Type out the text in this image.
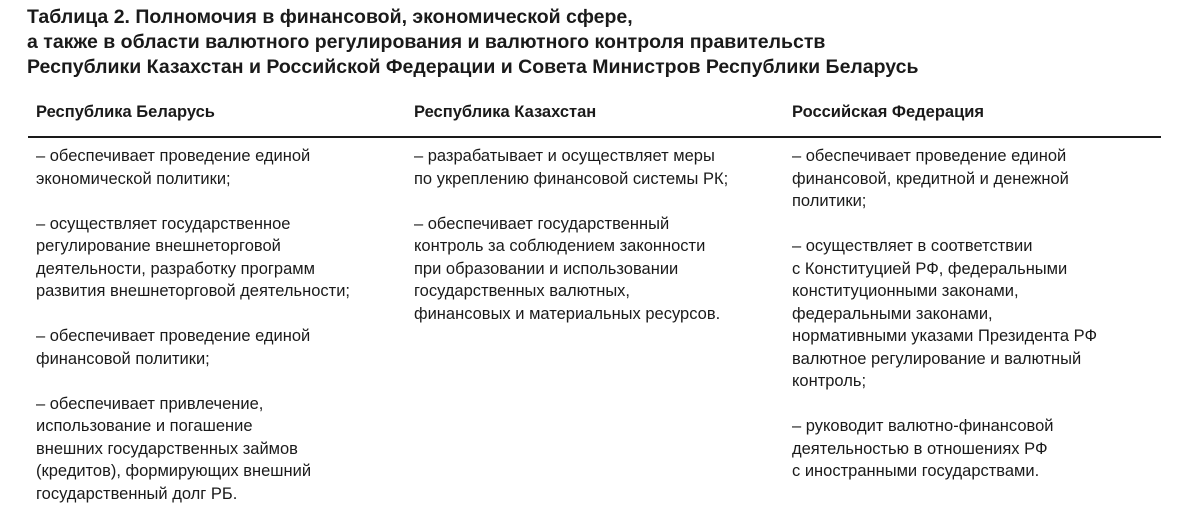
Таблица 2. Полномочия в финансовой, экономической сфере,
а также в области валютного регулирования и валютного контроля правительств
Республики Казахстан и Российской Федерации и Совета Министров Республики Беларусь
Республика Беларусь	Республика Казахстан	Российская Федерация

– обеспечивает проведение единой
экономической политики;

– осуществляет государственное
регулирование внешнеторговой
деятельности, разработку программ
развития внешнеторговой деятельности;

– обеспечивает проведение единой
финансовой политики;

– обеспечивает привлечение,
использование и погашение
внешних государственных займов
(кредитов), формирующих внешний
государственный долг РБ.

– разрабатывает и осуществляет меры
по укреплению финансовой системы РК;

– обеспечивает государственный
контроль за соблюдением законности
при образовании и использовании
государственных валютных,
финансовых и материальных ресурсов.

– обеспечивает проведение единой
финансовой, кредитной и денежной
политики;

– осуществляет в соответствии
с Конституцией РФ, федеральными
конституционными законами,
федеральными законами,
нормативными указами Президента РФ
валютное регулирование и валютный
контроль;

– руководит валютно-финансовой
деятельностью в отношениях РФ
с иностранными государствами.
